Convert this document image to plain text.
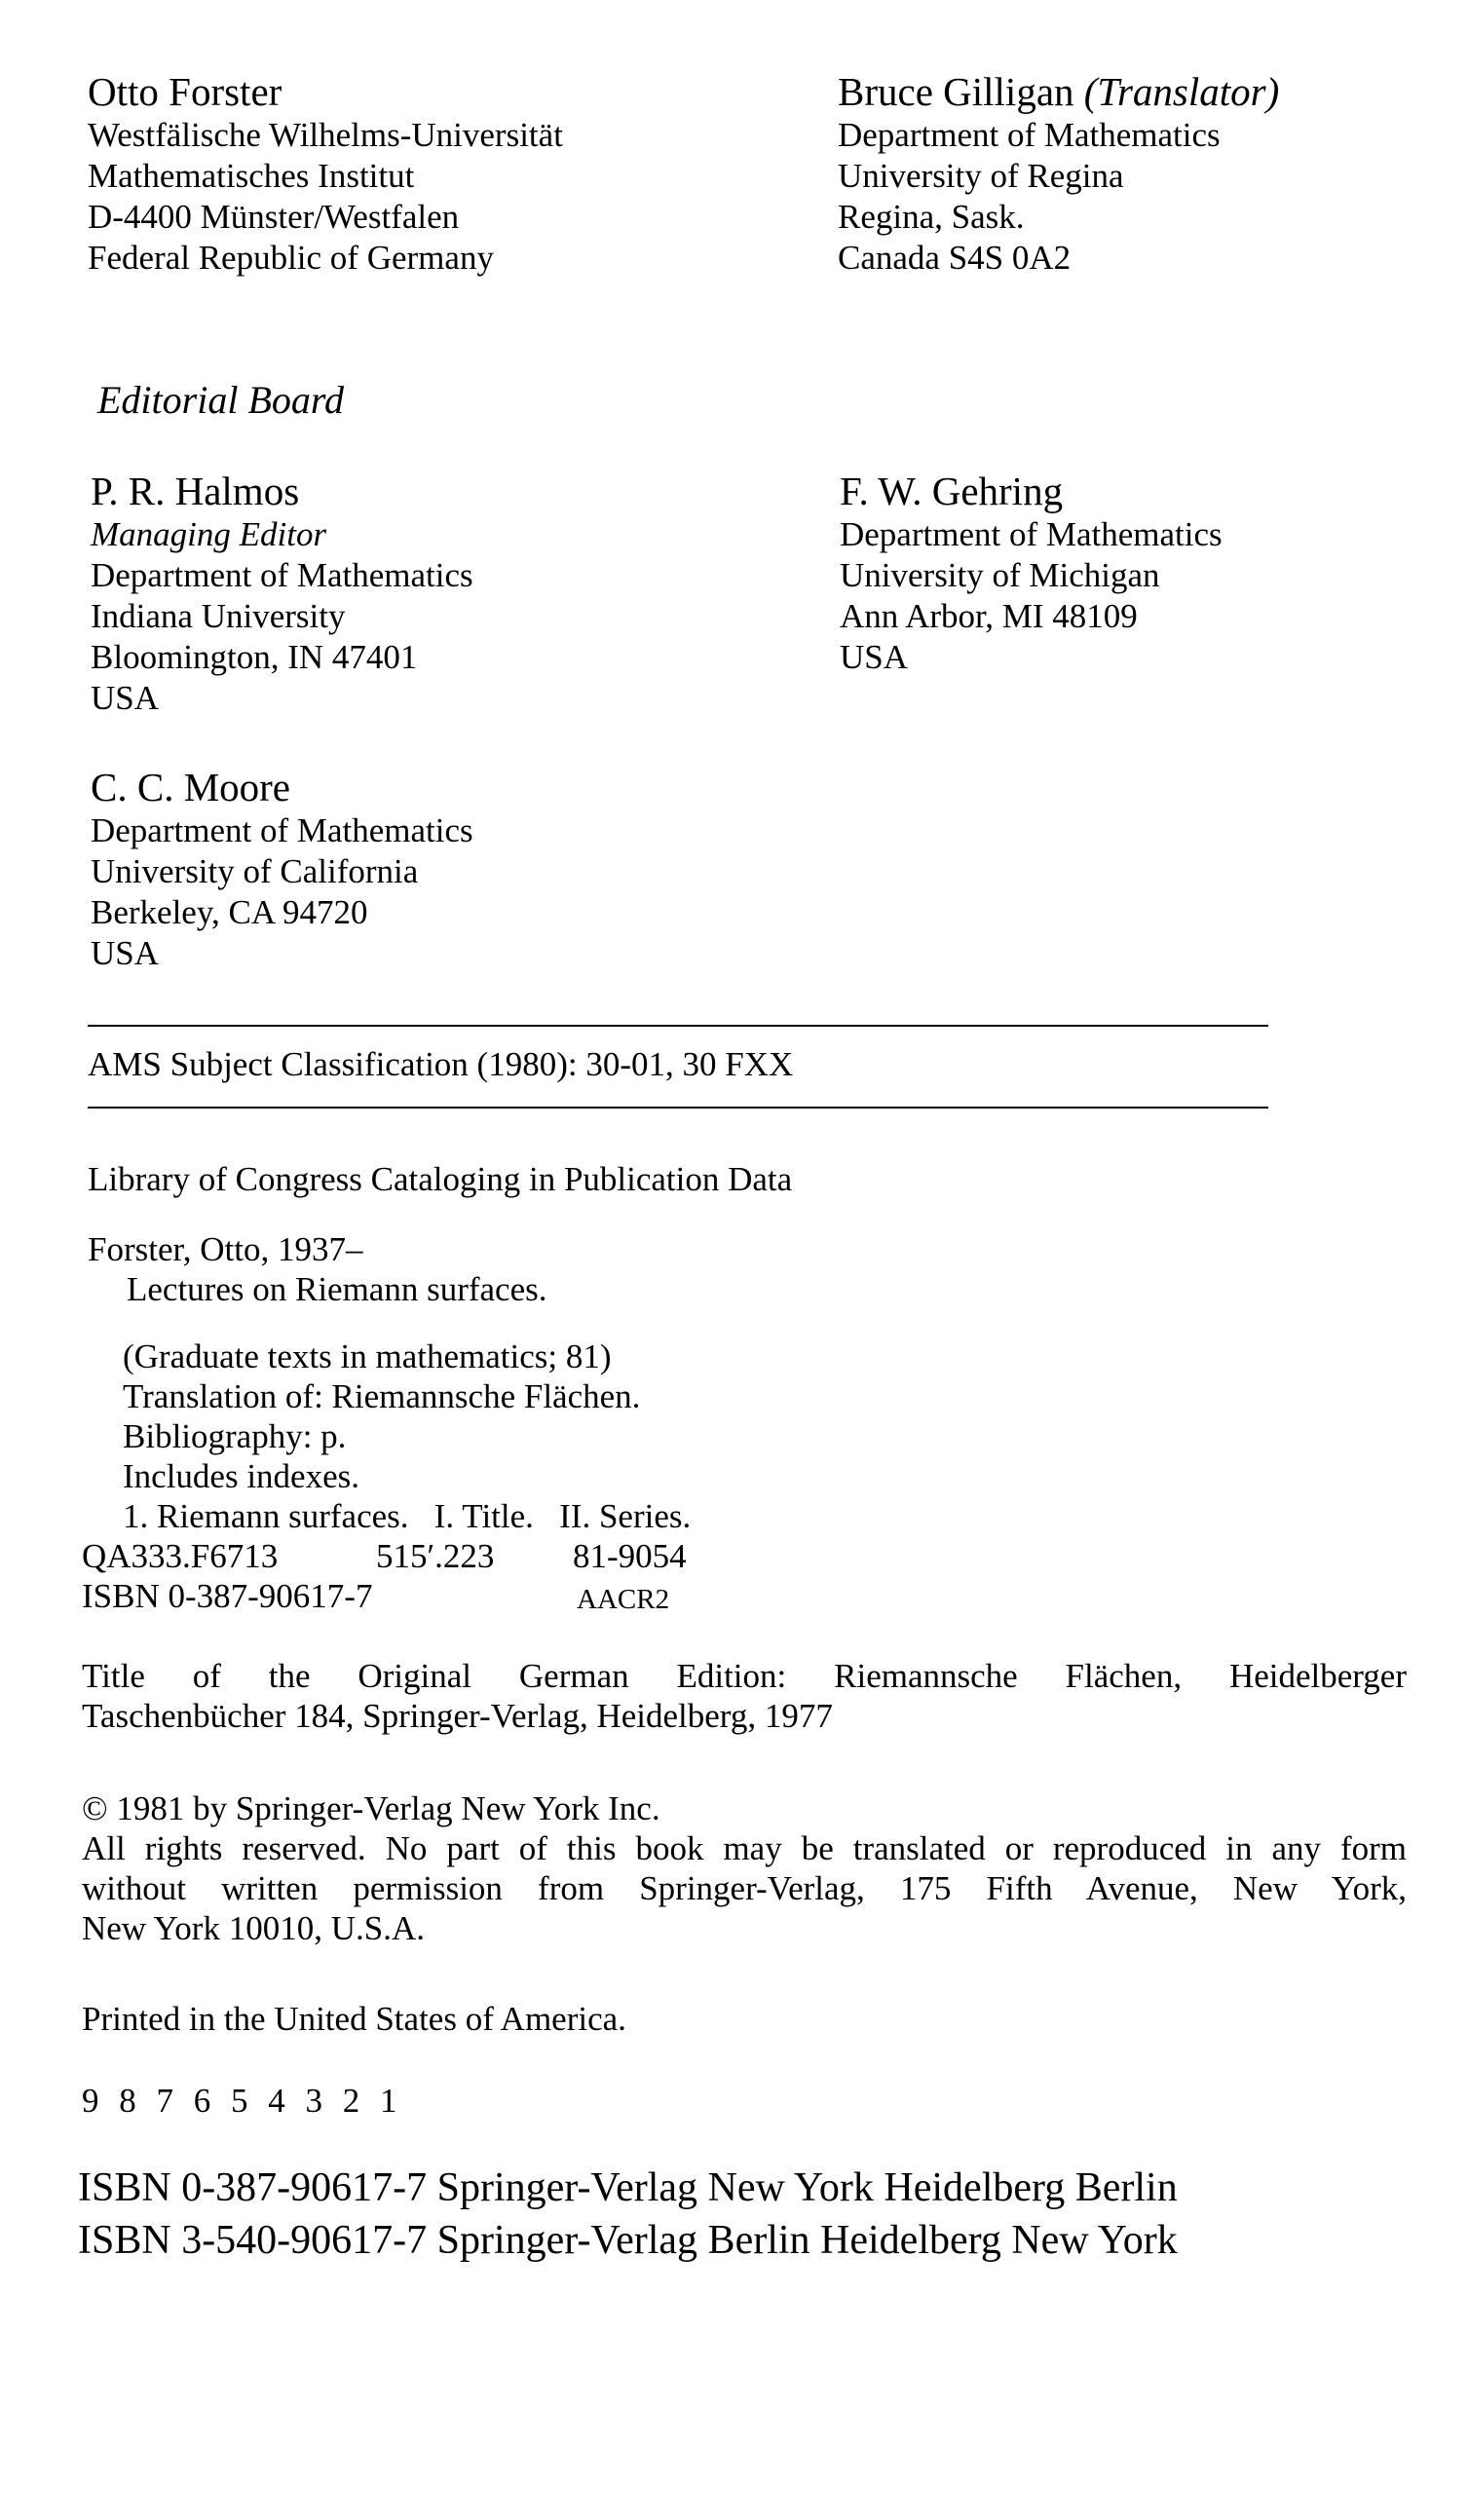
Otto Forster
Westfälische Wilhelms-Universität
Mathematisches Institut
D-4400 Münster/Westfalen
Federal Republic of Germany
Bruce Gilligan (Translator)
Department of Mathematics
University of Regina
Regina, Sask.
Canada S4S 0A2
Editorial Board
P. R. Halmos
Managing Editor
Department of Mathematics
Indiana University
Bloomington, IN 47401
USA
F. W. Gehring
Department of Mathematics
University of Michigan
Ann Arbor, MI 48109
USA
C. C. Moore
Department of Mathematics
University of California
Berkeley, CA 94720
USA
AMS Subject Classification (1980): 30-01, 30 FXX
Library of Congress Cataloging in Publication Data
Forster, Otto, 1937–
Lectures on Riemann surfaces.
(Graduate texts in mathematics; 81)
Translation of: Riemannsche Flächen.
Bibliography: p.
Includes indexes.
1. Riemann surfaces.   I. Title.   II. Series.
QA333.F6713	515′.223 81-9054
ISBN 0-387-90617-7	AACR2
Title of the Original German Edition: Riemannsche Flächen, Heidelberger
Taschenbücher 184, Springer-Verlag, Heidelberg, 1977
© 1981 by Springer-Verlag New York Inc.
All rights reserved. No part of this book may be translated or reproduced in any form
without written permission from Springer-Verlag, 175 Fifth Avenue, New York,
New York 10010, U.S.A.
Printed in the United States of America.
9 8 7 6 5 4 3 2 1
ISBN 0-387-90617-7 Springer-Verlag New York Heidelberg Berlin
ISBN 3-540-90617-7 Springer-Verlag Berlin Heidelberg New York
